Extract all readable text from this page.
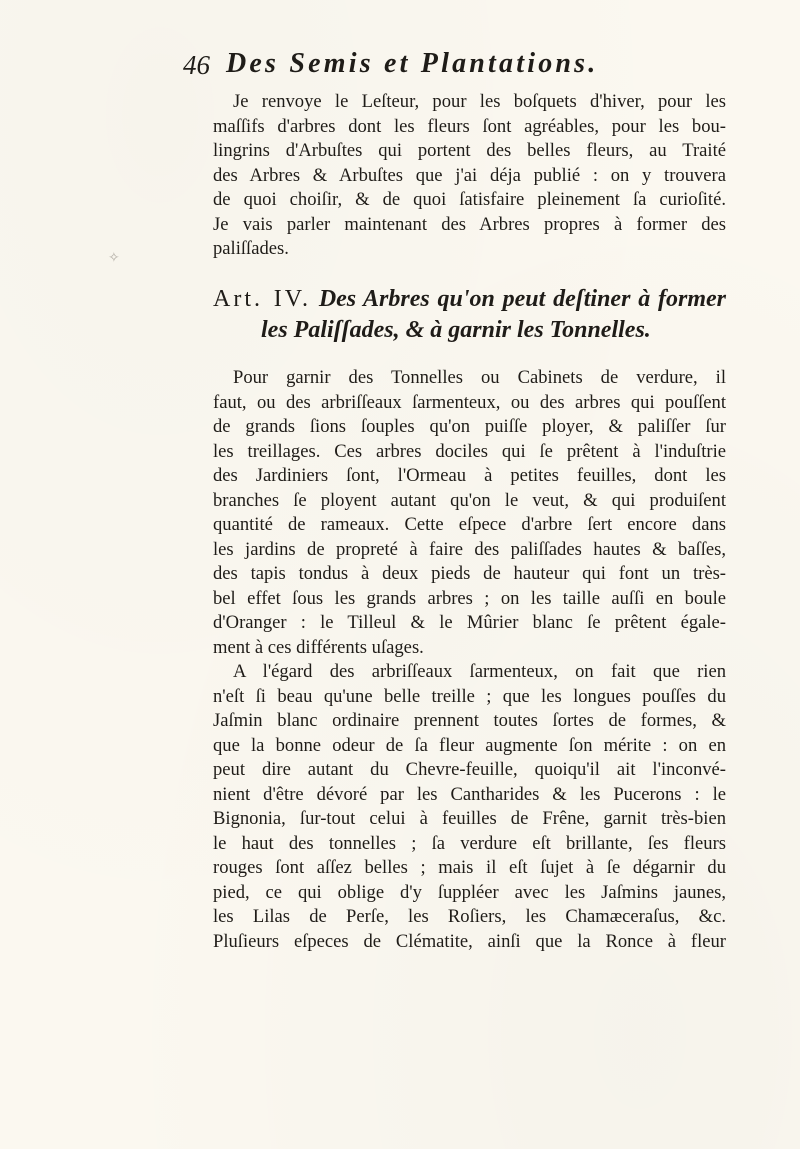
46 Des Semis et Plantations.
✧
Je renvoye le Leſteur, pour les boſquets d'hiver, pour les
maſſifs d'arbres dont les fleurs ſont agréables, pour les bou-
lingrins d'Arbuſtes qui portent des belles fleurs, au Traité
des Arbres & Arbuſtes que j'ai déja publié : on y trouvera
de quoi choiſir, & de quoi ſatisfaire pleinement ſa curioſité.
Je vais parler maintenant des Arbres propres à former des
paliſſades.
Art. IV. Des Arbres qu'on peut deſtiner à former
les Paliſſades, & à garnir les Tonnelles.
Pour garnir des Tonnelles ou Cabinets de verdure, il
faut, ou des arbriſſeaux ſarmenteux, ou des arbres qui pouſſent
de grands ſions ſouples qu'on puiſſe ployer, & paliſſer ſur
les treillages. Ces arbres dociles qui ſe prêtent à l'induſtrie
des Jardiniers ſont, l'Ormeau à petites feuilles, dont les
branches ſe ployent autant qu'on le veut, & qui produiſent
quantité de rameaux. Cette eſpece d'arbre ſert encore dans
les jardins de propreté à faire des paliſſades hautes & baſſes,
des tapis tondus à deux pieds de hauteur qui font un très-
bel effet ſous les grands arbres ; on les taille auſſi en boule
d'Oranger : le Tilleul & le Mûrier blanc ſe prêtent égale-
ment à ces différents uſages.
A l'égard des arbriſſeaux ſarmenteux, on fait que rien
n'eſt ſi beau qu'une belle treille ; que les longues pouſſes du
Jaſmin blanc ordinaire prennent toutes ſortes de formes, &
que la bonne odeur de ſa fleur augmente ſon mérite : on en
peut dire autant du Chevre-feuille, quoiqu'il ait l'inconvé-
nient d'être dévoré par les Cantharides & les Pucerons : le
Bignonia, ſur-tout celui à feuilles de Frêne, garnit très-bien
le haut des tonnelles ; ſa verdure eſt brillante, ſes fleurs
rouges ſont aſſez belles ; mais il eſt ſujet à ſe dégarnir du
pied, ce qui oblige d'y ſuppléer avec les Jaſmins jaunes,
les Lilas de Perſe, les Roſiers, les Chamæceraſus, &c.
Pluſieurs eſpeces de Clématite, ainſi que la Ronce à fleur
